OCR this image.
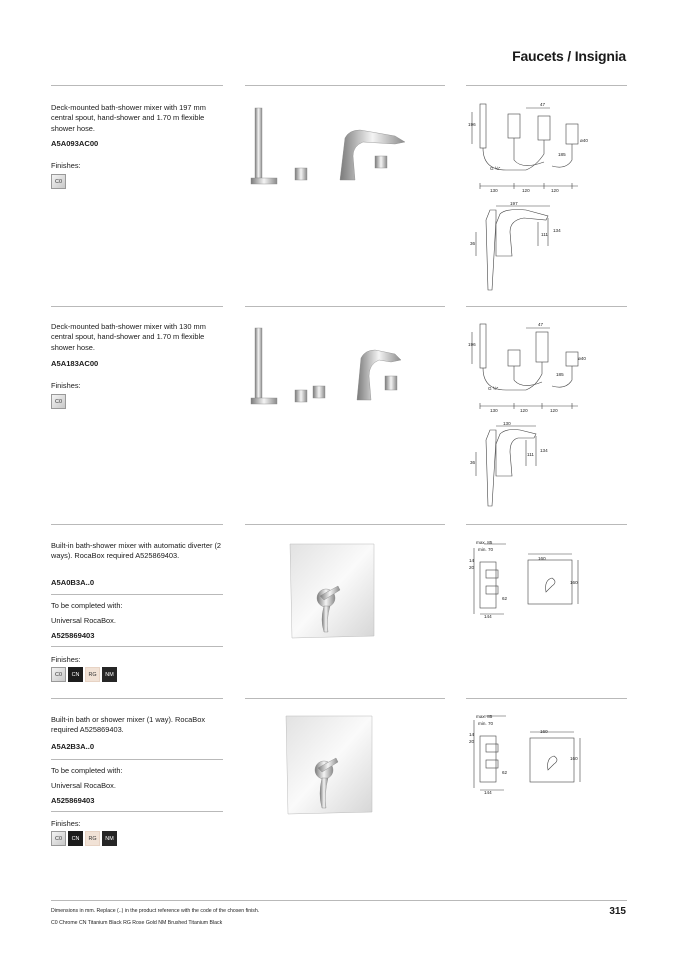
Faucets / Insignia
Deck-mounted bath-shower mixer with 197 mm central spout, hand-shower and 1.70 m flexible shower hose.
A5A093AC00
Finishes:
C0
47
196
ø40
185
G ½"
130	120	120
197
111
134
36
Deck-mounted bath-shower mixer with 130 mm central spout, hand-shower and 1.70 m flexible shower hose.
A5A183AC00
Finishes:
C0
47
196
ø40
185
G ½"
130	120	120
130
111
134
36
Built-in bath-shower mixer with automatic diverter (2 ways). RocaBox required A525869403.
A5A0B3A..0
To be completed with:
Universal RocaBox.
A525869403
Finishes:
C0	CN	RG	NM
max. 85
min. 70
160
160
14
20
62
144
Built-in bath or shower mixer (1 way). RocaBox required A525869403.
A5A2B3A..0
To be completed with:
Universal RocaBox.
A525869403
Finishes:
C0	CN	RG	NM
max. 85
min. 70
160
160
14
20
62
144
Dimensions in mm. Replace (..) in the product reference with the code of the chosen finish.
C0 Chrome CN Titanium Black RG Rose Gold NM Brushed Titanium Black
315
